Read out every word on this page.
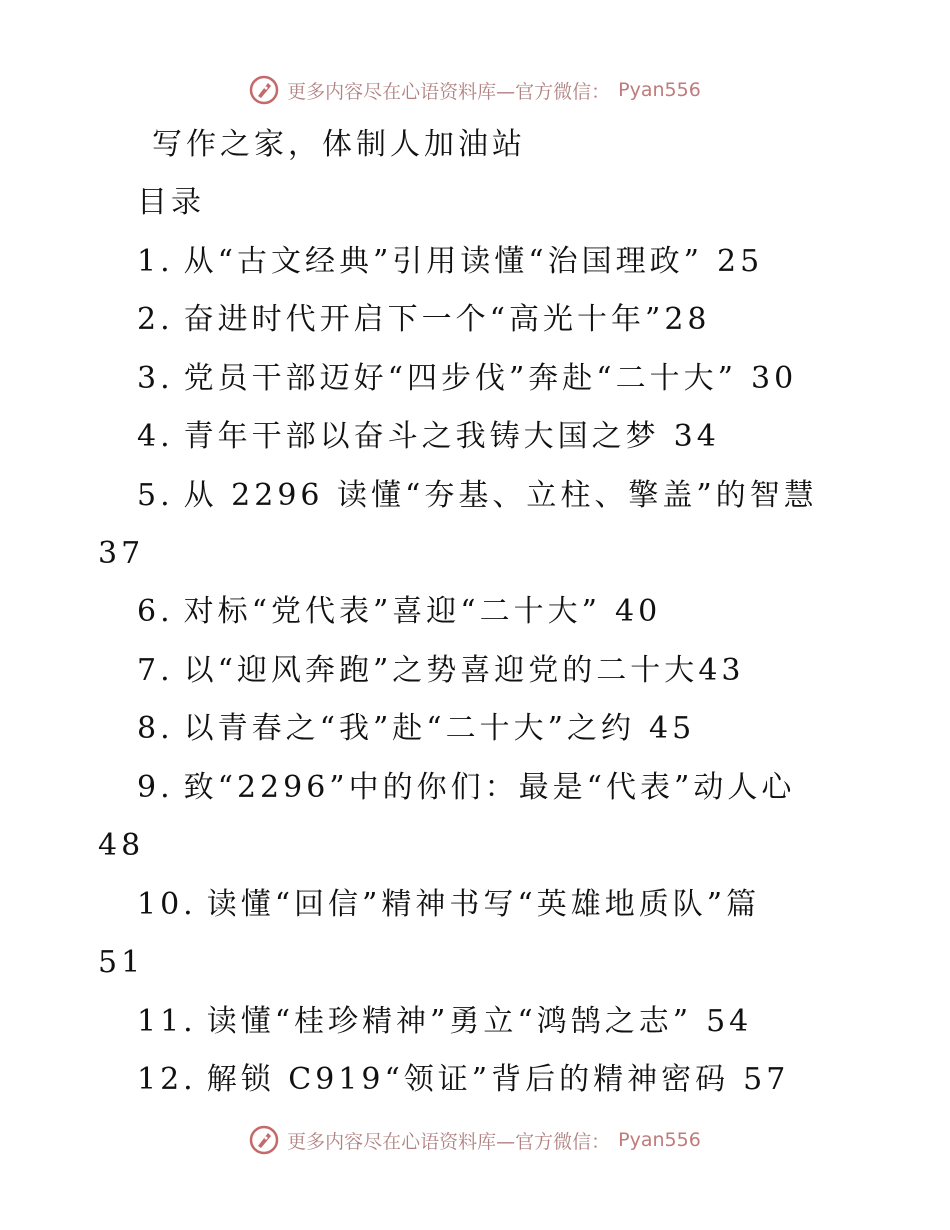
更多内容尽在心语资料库—官方微信： Pyan556
写作之家，体制人加油站
目录
1. 从“古文经典”引用读懂“治国理政” 25
2. 奋进时代开启下一个“高光十年”28
3. 党员干部迈好“四步伐”奔赴“二十大” 30
4. 青年干部以奋斗之我铸大国之梦 34
5. 从 2296 读懂“夯基、立柱、擎盖”的智慧
37
6. 对标“党代表”喜迎“二十大” 40
7. 以“迎风奔跑”之势喜迎党的二十大43
8. 以青春之“我”赴“二十大”之约 45
9. 致“2296”中的你们：最是“代表”动人心
48
10. 读懂“回信”精神书写“英雄地质队”篇
51
11. 读懂“桂珍精神”勇立“鸿鹄之志” 54
12. 解锁 C919“领证”背后的精神密码 57
更多内容尽在心语资料库—官方微信： Pyan556
